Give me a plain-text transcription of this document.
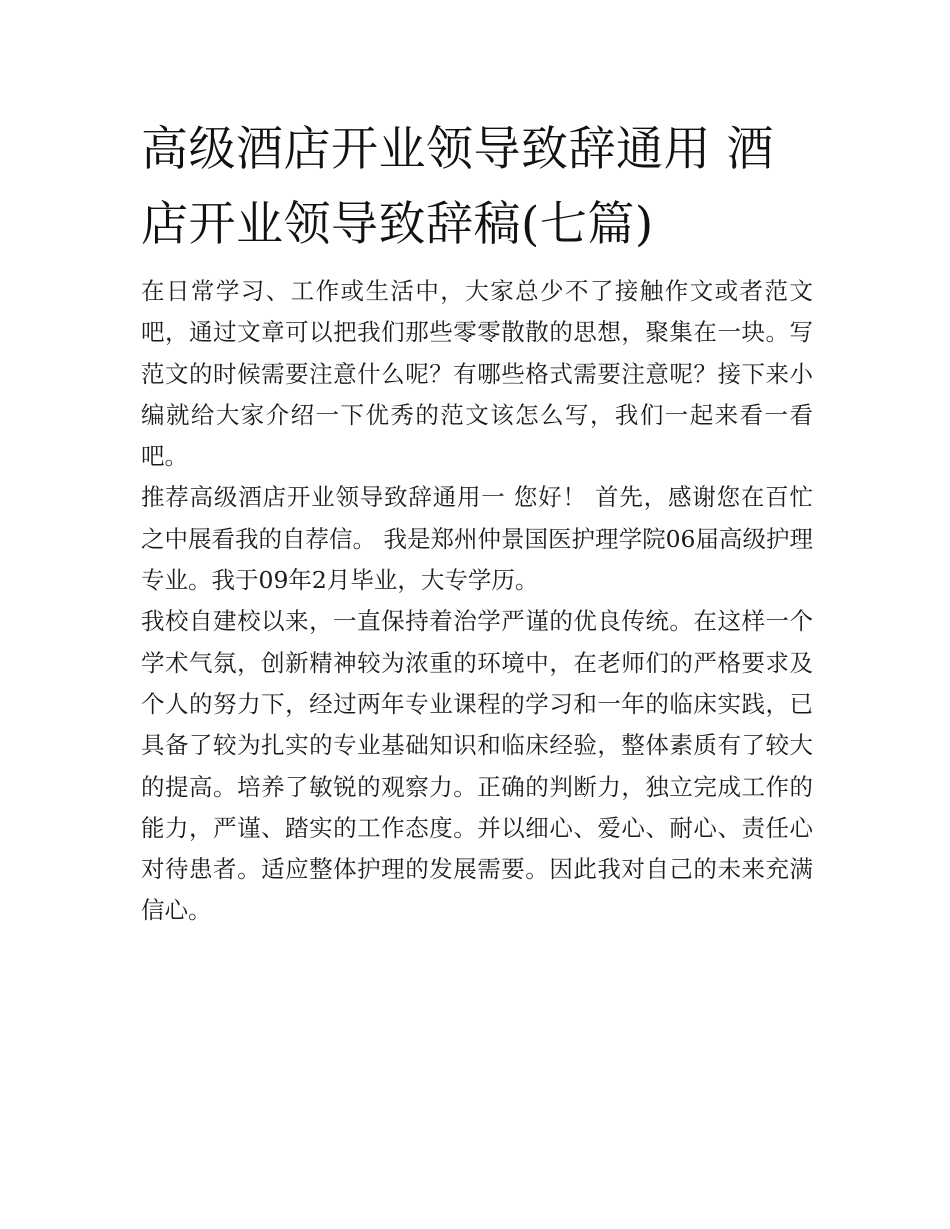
高级酒店开业领导致辞通用 酒店开业领导致辞稿(七篇)

在日常学习、工作或生活中，大家总少不了接触作文或者范文吧，通过文章可以把我们那些零零散散的思想，聚集在一块。写范文的时候需要注意什么呢？有哪些格式需要注意呢？接下来小编就给大家介绍一下优秀的范文该怎么写，我们一起来看一看吧。

推荐高级酒店开业领导致辞通用一 您好！ 首先，感谢您在百忙之中展看我的自荐信。 我是郑州仲景国医护理学院06届高级护理专业。我于09年2月毕业，大专学历。

我校自建校以来，一直保持着治学严谨的优良传统。在这样一个学术气氛，创新精神较为浓重的环境中，在老师们的严格要求及个人的努力下，经过两年专业课程的学习和一年的临床实践，已具备了较为扎实的专业基础知识和临床经验，整体素质有了较大的提高。培养了敏锐的观察力。正确的判断力，独立完成工作的能力，严谨、踏实的工作态度。并以细心、爱心、耐心、责任心对待患者。适应整体护理的发展需要。因此我对自己的未来充满信心。
